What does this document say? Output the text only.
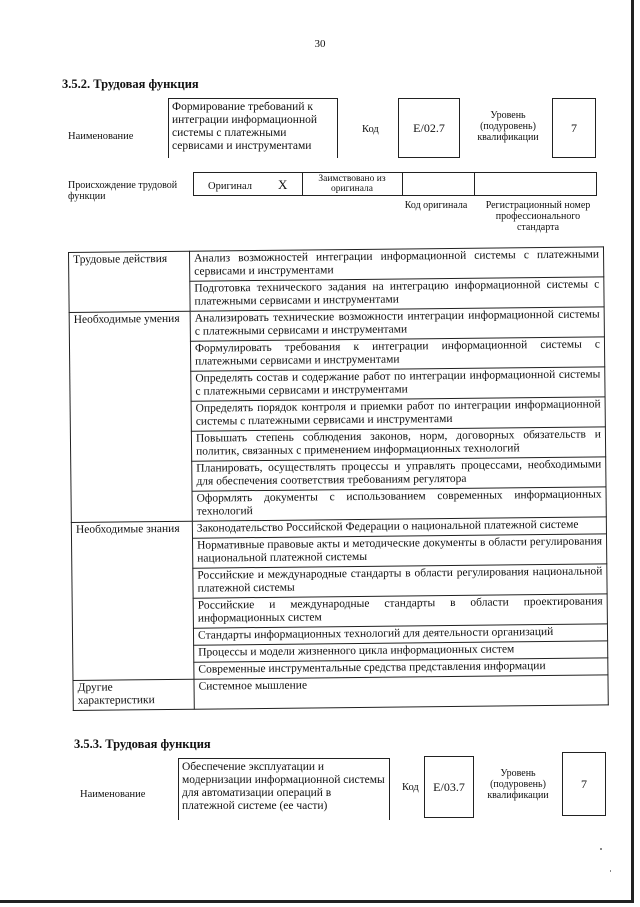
30
3.5.2. Трудовая функция
Наименование
Формирование требований к интеграции информационной системы с платежными сервисами и инструментами
Код	E/02.7
Уровень (подуровень) квалификации
7
Происхождение трудовой функции
Оригинал X	Заимствовано из оригинала
Код оригинала	Регистрационный номер профессионального стандарта
Трудовые действия	Анализ возможностей интеграции информационной системы с платежными сервисами и инструментами
	Подготовка технического задания на интеграцию информационной системы с платежными сервисами и инструментами
Необходимые умения	Анализировать технические возможности интеграции информационной системы с платежными сервисами и инструментами
	Формулировать требования к интеграции информационной системы с платежными сервисами и инструментами
	Определять состав и содержание работ по интеграции информационной системы с платежными сервисами и инструментами
	Определять порядок контроля и приемки работ по интеграции информационной системы с платежными сервисами и инструментами
	Повышать степень соблюдения законов, норм, договорных обязательств и политик, связанных с применением информационных технологий
	Планировать, осуществлять процессы и управлять процессами, необходимыми для обеспечения соответствия требованиям регулятора
	Оформлять документы с использованием современных информационных технологий
Необходимые знания	Законодательство Российской Федерации о национальной платежной системе
	Нормативные правовые акты и методические документы в области регулирования национальной платежной системы
	Российские и международные стандарты в области регулирования национальной платежной системы
	Российские и международные стандарты в области проектирования информационных систем
	Стандарты информационных технологий для деятельности организаций
	Процессы и модели жизненного цикла информационных систем
	Современные инструментальные средства представления информации
Другие характеристики	Системное мышление
3.5.3. Трудовая функция
Наименование
Обеспечение эксплуатации и модернизации информационной системы для автоматизации операций в платежной системе (ее части)
Код	E/03.7
Уровень (подуровень) квалификации
7
